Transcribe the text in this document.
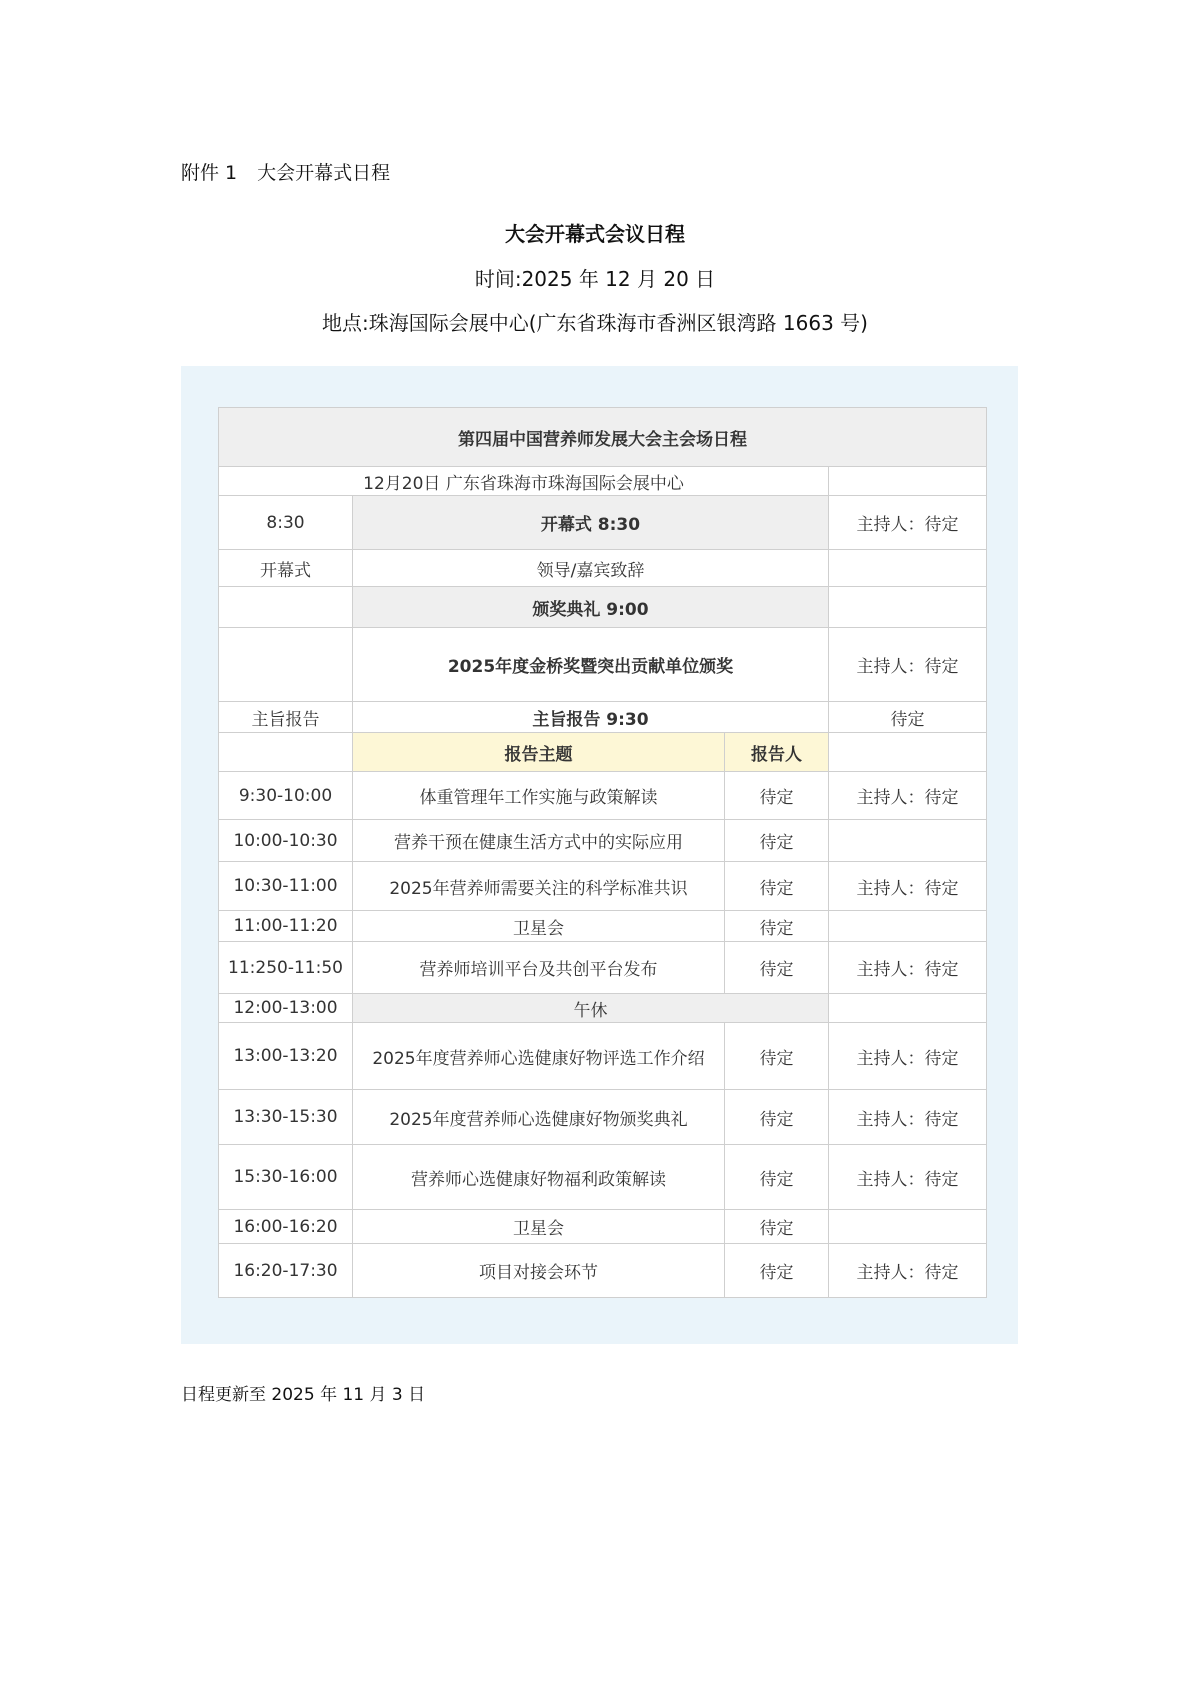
附件 1 大会开幕式日程
大会开幕式会议日程
时间:2025 年 12 月 20 日
地点:珠海国际会展中心(广东省珠海市香洲区银湾路 1663 号)
第四届中国营养师发展大会主会场日程			
12月20日 广东省珠海市珠海国际会展中心			
8:30	开幕式 8:30		主持人：待定
开幕式	领导/嘉宾致辞		
	颁奖典礼 9:00		
	2025年度金桥奖暨突出贡献单位颁奖		主持人：待定
主旨报告	主旨报告 9:30		待定
	报告主题	报告人	
9:30-10:00	体重管理年工作实施与政策解读	待定	主持人：待定
10:00-10:30	营养干预在健康生活方式中的实际应用	待定	
10:30-11:00	2025年营养师需要关注的科学标准共识	待定	主持人：待定
11:00-11:20	卫星会	待定	
11:250-11:50	营养师培训平台及共创平台发布	待定	主持人：待定
12:00-13:00	午休		
13:00-13:20	2025年度营养师心选健康好物评选工作介绍	待定	主持人：待定
13:30-15:30	2025年度营养师心选健康好物颁奖典礼	待定	主持人：待定
15:30-16:00	营养师心选健康好物福利政策解读	待定	主持人：待定
16:00-16:20	卫星会	待定	
16:20-17:30	项目对接会环节	待定	主持人：待定
日程更新至 2025 年 11 月 3 日
